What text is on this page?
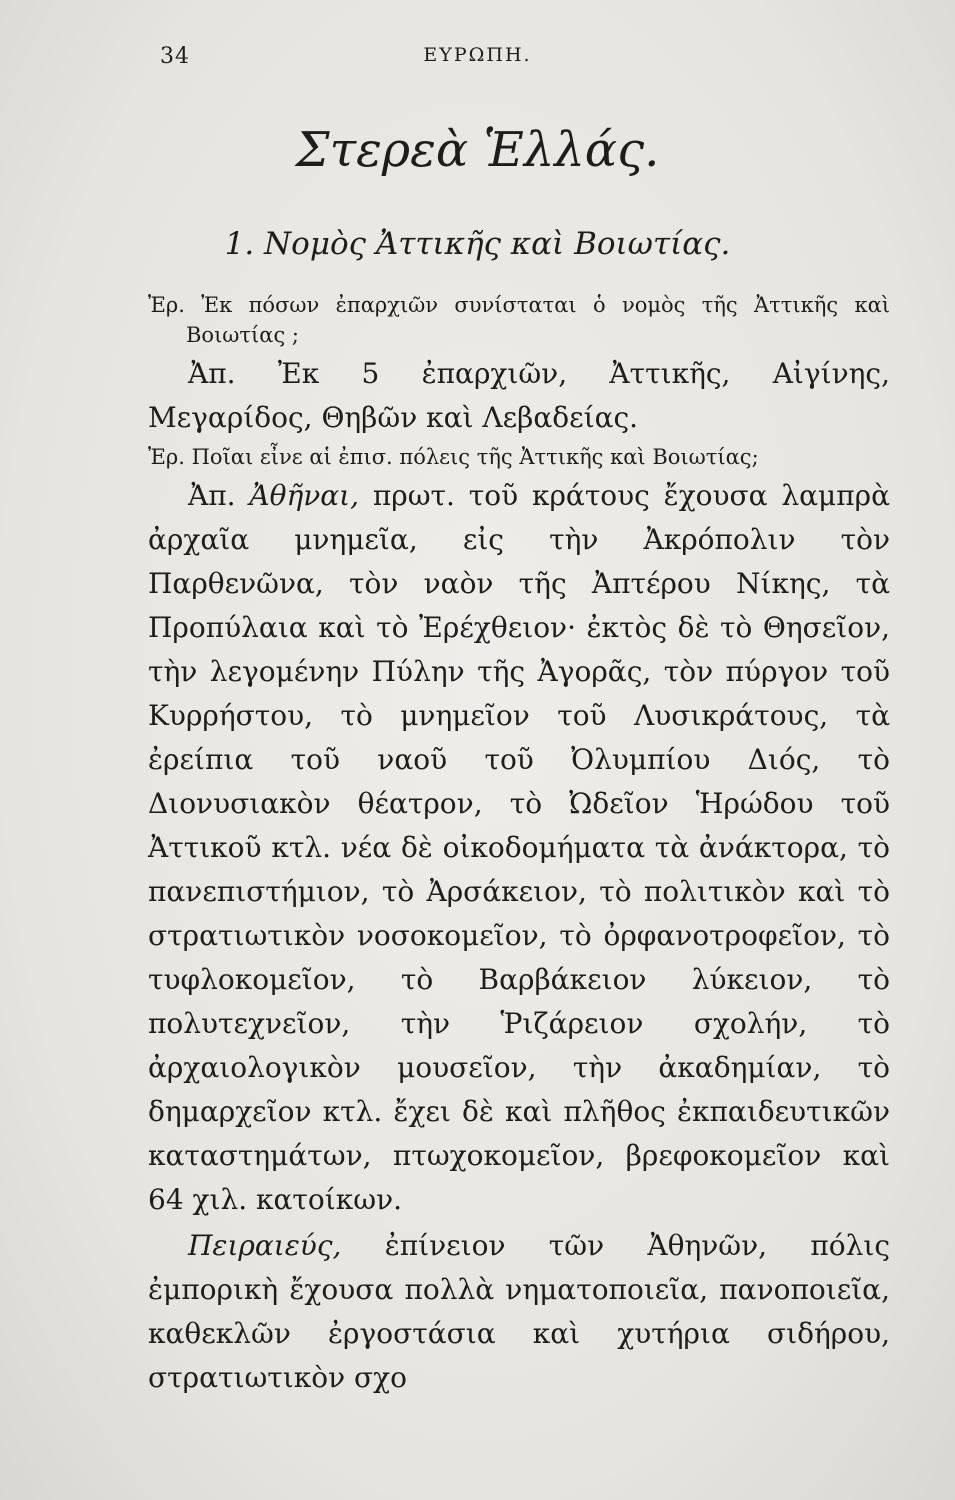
34	ΕΥΡΩΠΗ.
Στερεὰ Ἑλλάς.
1. Νομὸς Ἀττικῆς καὶ Βοιωτίας.

Ἐρ. Ἐκ πόσων ἐπαρχιῶν συνίσταται ὁ νομὸς τῆς Ἀττικῆς καὶ Βοιωτίας ;

Ἀπ. Ἐκ 5 ἐπαρχιῶν, Ἀττικῆς, Αἰγίνης, Μεγαρίδος, Θηβῶν καὶ Λεβαδείας.

Ἐρ. Ποῖαι εἶνε αἱ ἐπισ. πόλεις τῆς Ἀττικῆς καὶ Βοιωτίας;

Ἀπ. Ἀθῆναι, πρωτ. τοῦ κράτους ἔχουσα λαμπρὰ ἀρχαῖα μνημεῖα, εἰς τὴν Ἀκρόπολιν τὸν Παρθενῶνα, τὸν ναὸν τῆς Ἀπτέρου Νίκης, τὰ Προπύλαια καὶ τὸ Ἐρέχθειον· ἐκτὸς δὲ τὸ Θησεῖον, τὴν λεγομένην Πύλην τῆς Ἀγορᾶς, τὸν πύργον τοῦ Κυρρήστου, τὸ μνημεῖον τοῦ Λυσικράτους, τὰ ἐρείπια τοῦ ναοῦ τοῦ Ὀλυμπίου Διός, τὸ Διονυσιακὸν θέατρον, τὸ Ὠδεῖον Ἡρώδου τοῦ Ἀττικοῦ κτλ. νέα δὲ οἰκοδομήματα τὰ ἀνάκτορα, τὸ πανεπιστήμιον, τὸ Ἀρσάκειον, τὸ πολιτικὸν καὶ τὸ στρατιωτικὸν νοσοκομεῖον, τὸ ὀρφανοτροφεῖον, τὸ τυφλοκομεῖον, τὸ Βαρβάκειον λύκειον, τὸ πολυτεχνεῖον, τὴν Ῥιζάρειον σχολήν, τὸ ἀρχαιολογικὸν μουσεῖον, τὴν ἀκαδημίαν, τὸ δημαρχεῖον κτλ. ἔχει δὲ καὶ πλῆθος ἐκπαιδευτικῶν καταστημάτων, πτωχοκομεῖον, βρεφοκομεῖον καὶ 64 χιλ. κατοίκων.

Πειραιεύς, ἐπίνειον τῶν Ἀθηνῶν, πόλις ἐμπορικὴ ἔχουσα πολλὰ νηματοποιεῖα, πανοποιεῖα, καθεκλῶν ἐργοστάσια καὶ χυτήρια σιδήρου, στρατιωτικὸν σχο
